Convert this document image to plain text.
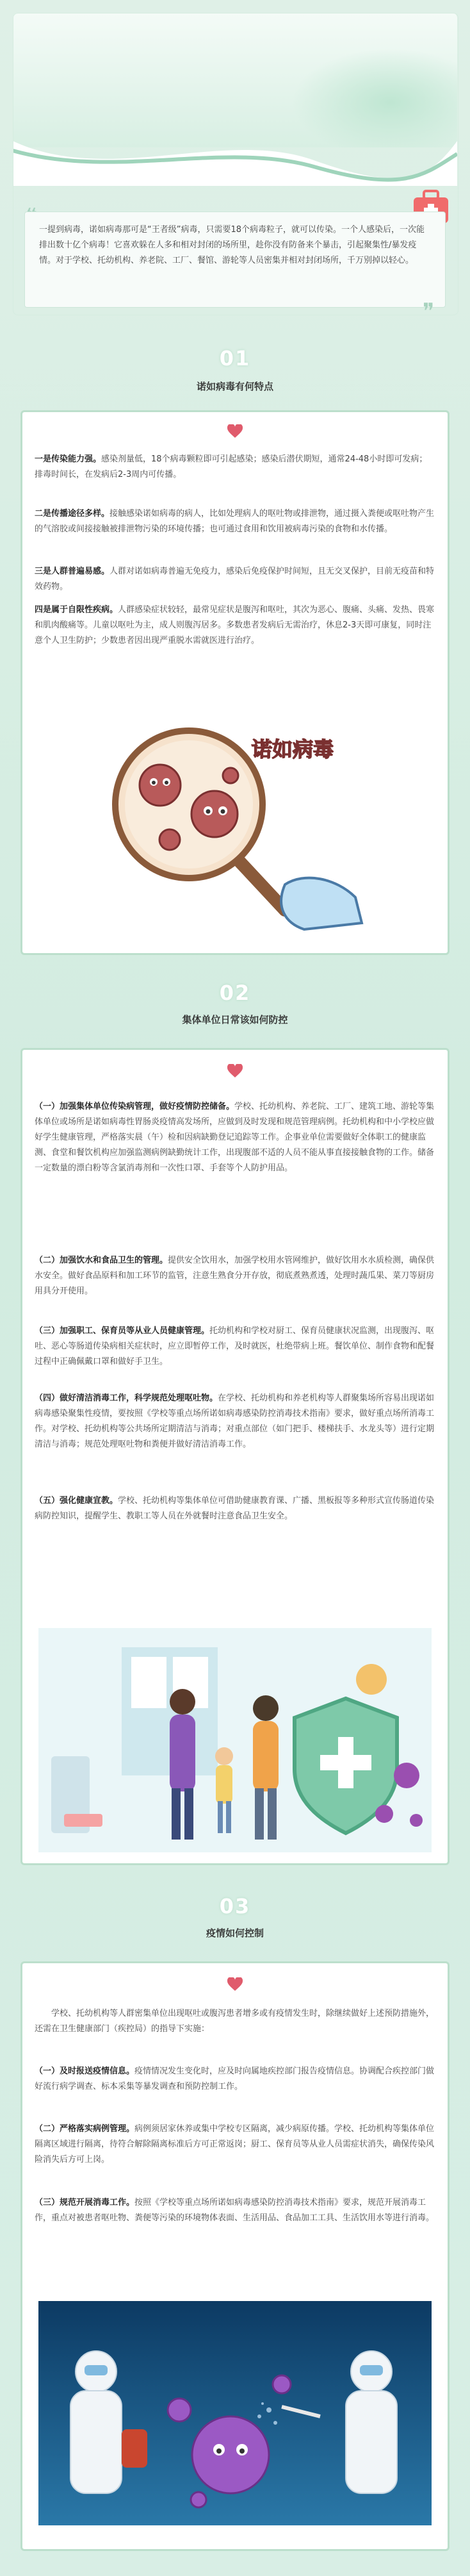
一提到病毒，诺如病毒那可是“王者级”病毒，只需要18个病毒粒子，就可以传染。一个人感染后，一次能排出数十亿个病毒！它喜欢躲在人多和相对封闭的场所里，趁你没有防备来个暴击，引起聚集性/暴发疫情。对于学校、托幼机构、养老院、工厂、餐馆、游轮等人员密集并相对封闭场所，千万别掉以轻心。
❞
01
诺如病毒有何特点
一是传染能力强。感染剂量低，18个病毒颗粒即可引起感染；感染后潜伏期短，通常24-48小时即可发病；排毒时间长，在发病后2-3周内可传播。
二是传播途径多样。接触感染诺如病毒的病人，比如处理病人的呕吐物或排泄物，通过摄入粪便或呕吐物产生的气溶胶或间接接触被排泄物污染的环境传播；也可通过食用和饮用被病毒污染的食物和水传播。
三是人群普遍易感。人群对诺如病毒普遍无免疫力，感染后免疫保护时间短，且无交叉保护，目前无疫苗和特效药物。
四是属于自限性疾病。人群感染症状较轻，最常见症状是腹泻和呕吐，其次为恶心、腹痛、头痛、发热、畏寒和肌肉酸痛等。儿童以呕吐为主，成人则腹泻居多。多数患者发病后无需治疗，休息2-3天即可康复，同时注意个人卫生防护；少数患者因出现严重脱水需就医进行治疗。
诺如病毒
02
集体单位日常该如何防控
（一）加强集体单位传染病管理，做好疫情防控储备。学校、托幼机构、养老院、工厂、建筑工地、游轮等集体单位或场所是诺如病毒性胃肠炎疫情高发场所，应做到及时发现和规范管理病例。托幼机构和中小学校应做好学生健康管理，严格落实晨（午）检和因病缺勤登记追踪等工作。企事业单位需要做好全体职工的健康监测、食堂和餐饮机构应加强监测病例缺勤统计工作，出现腹部不适的人员不能从事直接接触食物的工作。储备一定数量的漂白粉等含氯消毒剂和一次性口罩、手套等个人防护用品。
（二）加强饮水和食品卫生的管理。提供安全饮用水，加强学校用水管网维护，做好饮用水水质检测，确保供水安全。做好食品原料和加工环节的监管，注意生熟食分开存放，彻底煮熟煮透，处理时蔬瓜果、菜刀等厨房用具分开使用。
（三）加强职工、保育员等从业人员健康管理。托幼机构和学校对厨工、保育员健康状况监测，出现腹泻、呕吐、恶心等肠道传染病相关症状时，应立即暂停工作，及时就医，杜绝带病上班。餐饮单位、制作食物和配餐过程中正确佩戴口罩和做好手卫生。
（四）做好清洁消毒工作，科学规范处理呕吐物。在学校、托幼机构和养老机构等人群聚集场所容易出现诺如病毒感染聚集性疫情，要按照《学校等重点场所诺如病毒感染防控消毒技术指南》要求，做好重点场所消毒工作。对学校、托幼机构等公共场所定期清洁与消毒；对重点部位（如门把手、楼梯扶手、水龙头等）进行定期清洁与消毒；规范处理呕吐物和粪便并做好清洁消毒工作。
（五）强化健康宣教。学校、托幼机构等集体单位可借助健康教育课、广播、黑板报等多种形式宣传肠道传染病防控知识，提醒学生、教职工等人员在外就餐时注意食品卫生安全。
03
疫情如何控制
学校、托幼机构等人群密集单位出现呕吐或腹泻患者增多或有疫情发生时，除继续做好上述预防措施外，还需在卫生健康部门（疾控局）的指导下实施：
（一）及时报送疫情信息。疫情情况发生变化时，应及时向属地疾控部门报告疫情信息。协调配合疾控部门做好流行病学调查、标本采集等暴发调查和预防控制工作。
（二）严格落实病例管理。病例须居家休养或集中学校专区隔离，减少病原传播。学校、托幼机构等集体单位隔离区域进行隔离，待符合解除隔离标准后方可正常返岗；厨工、保育员等从业人员需症状消失，确保传染风险消失后方可上岗。
（三）规范开展消毒工作。按照《学校等重点场所诺如病毒感染防控消毒技术指南》要求，规范开展消毒工作，重点对被患者呕吐物、粪便等污染的环境物体表面、生活用品、食品加工工具、生活饮用水等进行消毒。
